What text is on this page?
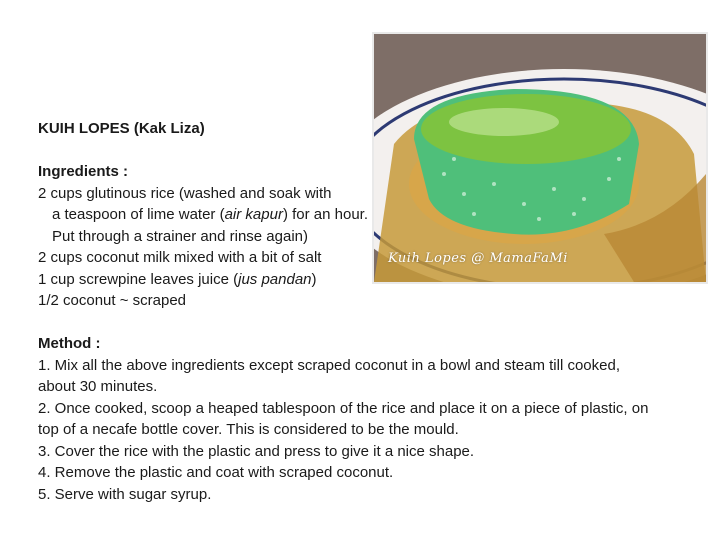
Kuih Lopes @ MamaFaMi
KUIH LOPES (Kak Liza)
Ingredients :
2 cups glutinous rice (washed and soak with
a teaspoon of lime water (air kapur) for an hour.
Put through a strainer and rinse again)
2 cups coconut milk mixed with a bit of salt
1 cup screwpine leaves juice (jus pandan)
1/2 coconut ~ scraped
Method :
1. Mix all the above ingredients except scraped coconut in a bowl and steam till cooked, about 30 minutes.
2. Once cooked, scoop a heaped tablespoon of the rice and place it on a piece of plastic, on top of a necafe bottle cover. This is considered to be the mould.
3. Cover the rice with the plastic and press to give it a nice shape.
4. Remove the plastic and coat with scraped coconut.
5. Serve with sugar syrup.
